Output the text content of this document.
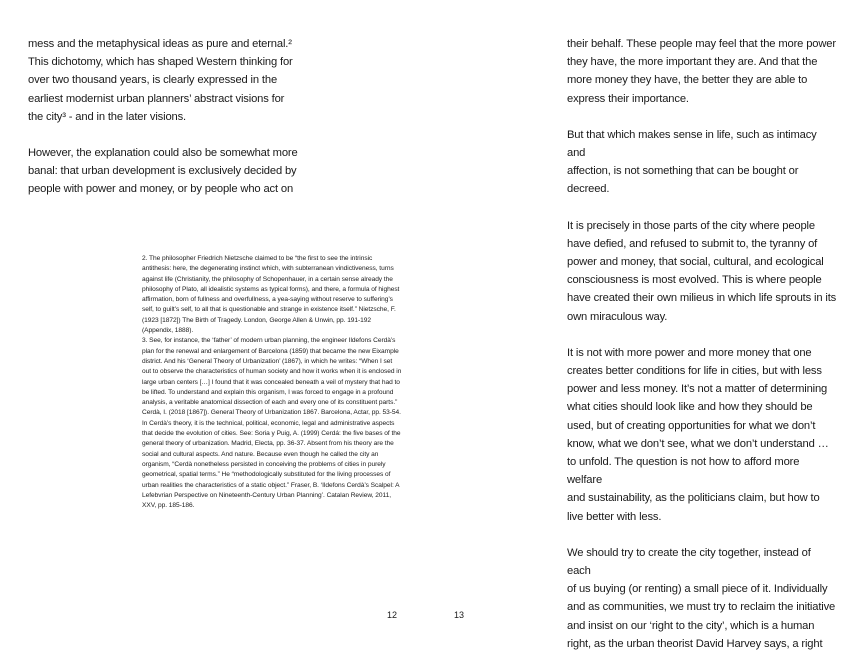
mess and the metaphysical ideas as pure and eternal.²
This dichotomy, which has shaped Western thinking for
over two thousand years, is clearly expressed in the
earliest modernist urban planners’ abstract visions for
the city³ - and in the later visions.

However, the explanation could also be somewhat more
banal: that urban development is exclusively decided by
people with power and money, or by people who act on

2. The philosopher Friedrich Nietzsche claimed to be “the first to see the intrinsic antithesis: here, the degenerating instinct which, with subterranean vindictiveness, turns against life (Christianity, the philosophy of Schopenhauer, in a certain sense already the philosophy of Plato, all idealistic systems as typical forms), and there, a formula of highest affirmation, born of fullness and overfullness, a yea-saying without reserve to suffering’s self, to guilt’s self, to all that is questionable and strange in existence itself.” Nietzsche, F. (1923 [1872]) The Birth of Tragedy. London, George Allen & Unwin, pp. 191-192 (Appendix, 1888).

3. See, for instance, the ‘father’ of modern urban planning, the engineer Ildefons Cerdà’s plan for the renewal and enlargement of Barcelona (1859) that became the new Eixample district. And his ‘General Theory of Urbanization’ (1867), in which he writes: “When I set out to observe the characteristics of human society and how it works when it is enclosed in large urban centers […] I found that it was concealed beneath a veil of mystery that had to be lifted. To understand and explain this organism, I was forced to engage in a profound analysis, a veritable anatomical dissection of each and every one of its constituent parts.” Cerdà, I. (2018 [1867]). General Theory of Urbanization 1867. Barcelona, Actar, pp. 53-54. In Cerdà’s theory, it is the technical, political, economic, legal and administrative aspects that decide the evolution of cities. See: Soria y Puig, A. (1999) Cerdá: the five bases of the general theory of urbanization. Madrid, Electa, pp. 36-37. Absent from his theory are the social and cultural aspects. And nature. Because even though he called the city an organism, “Cerdà nonetheless persisted in conceiving the problems of cities in purely geometrical, spatial terms.” He “methodologically substituted for the living processes of urban realities the characteristics of a static object.” Fraser, B. ‘Ildefons Cerdà’s Scalpel: A Lefebvrian Perspective on Nineteenth-Century Urban Planning’. Catalan Review, 2011, XXV, pp. 185-186.

12

their behalf. These people may feel that the more power
they have, the more important they are. And that the
more money they have, the better they are able to
express their importance.

But that which makes sense in life, such as intimacy and
affection, is not something that can be bought or
decreed.

It is precisely in those parts of the city where people
have defied, and refused to submit to, the tyranny of
power and money, that social, cultural, and ecological
consciousness is most evolved. This is where people
have created their own milieus in which life sprouts in its
own miraculous way.

It is not with more power and more money that one
creates better conditions for life in cities, but with less
power and less money. It’s not a matter of determining
what cities should look like and how they should be
used, but of creating opportunities for what we don’t
know, what we don’t see, what we don’t understand …
to unfold. The question is not how to afford more welfare
and sustainability, as the politicians claim, but how to
live better with less.

We should try to create the city together, instead of each
of us buying (or renting) a small piece of it. Individually
and as communities, we must try to reclaim the initiative
and insist on our ‘right to the city’, which is a human
right, as the urban theorist David Harvey says, a right

13
